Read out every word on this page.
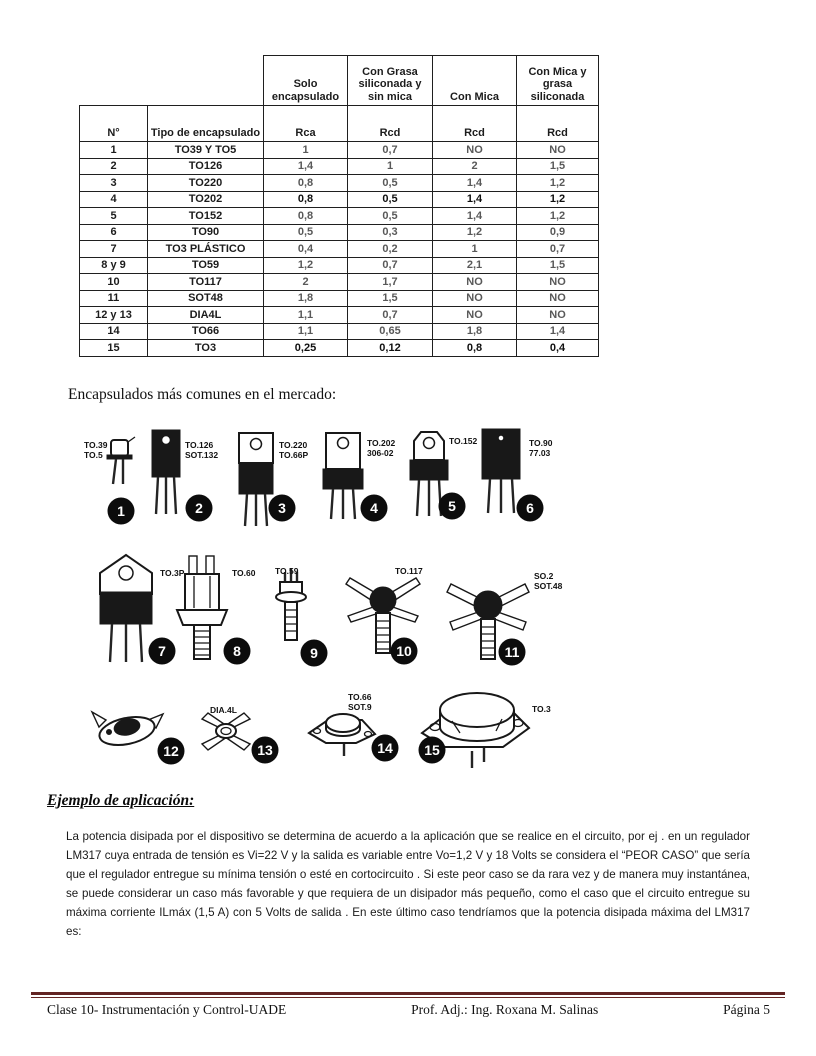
		Solo encapsulado	Con Grasa siliconada y sin mica	Con Mica	Con Mica y grasa siliconada
N°	Tipo de encapsulado	Rca	Rcd	Rcd	Rcd
1	TO39 Y TO5	1	0,7	NO	NO
2	TO126	1,4	1	2	1,5
3	TO220	0,8	0,5	1,4	1,2
4	TO202	0,8	0,5	1,4	1,2
5	TO152	0,8	0,5	1,4	1,2
6	TO90	0,5	0,3	1,2	0,9
7	TO3 PLÁSTICO	0,4	0,2	1	0,7
8 y 9	TO59	1,2	0,7	2,1	1,5
10	TO117	2	1,7	NO	NO
11	SOT48	1,8	1,5	NO	NO
12 y 13	DIA4L	1,1	0,7	NO	NO
14	TO66	1,1	0,65	1,8	1,4
15	TO3	0,25	0,12	0,8	0,4
Encapsulados más comunes en el mercado:
1	2	3	4	5	6
7	8	9	10	11
12	13	14 15
TO.39
TO.5
TO.126
SOT.132
TO.220
TO.66P
TO.202
306-02
TO.152	TO.90
77.03
TO.3P	TO.60 TO.59	TO.117	SO.2
SOT.48
DIA.4L
TO.66
SOT.9	TO.3
Ejemplo de aplicación:
La potencia disipada por el dispositivo se determina de acuerdo a la aplicación que se realice en el circuito, por ej . en un regulador LM317 cuya entrada de tensión es Vi=22 V y la salida es variable entre Vo=1,2 V y 18 Volts se considera el “PEOR CASO” que sería que el regulador entregue su mínima tensión o esté en cortocircuito . Si este peor caso se da rara vez y de manera muy instantánea, se puede considerar un caso más favorable y que requiera de un disipador más pequeño, como el caso que el circuito entregue su máxima corriente ILmáx (1,5 A) con 5 Volts de salida . En este último caso tendríamos que la potencia disipada máxima del LM317 es:
Clase 10- Instrumentación y Control-UADE	Prof. Adj.: Ing. Roxana M. Salinas	Página 5
